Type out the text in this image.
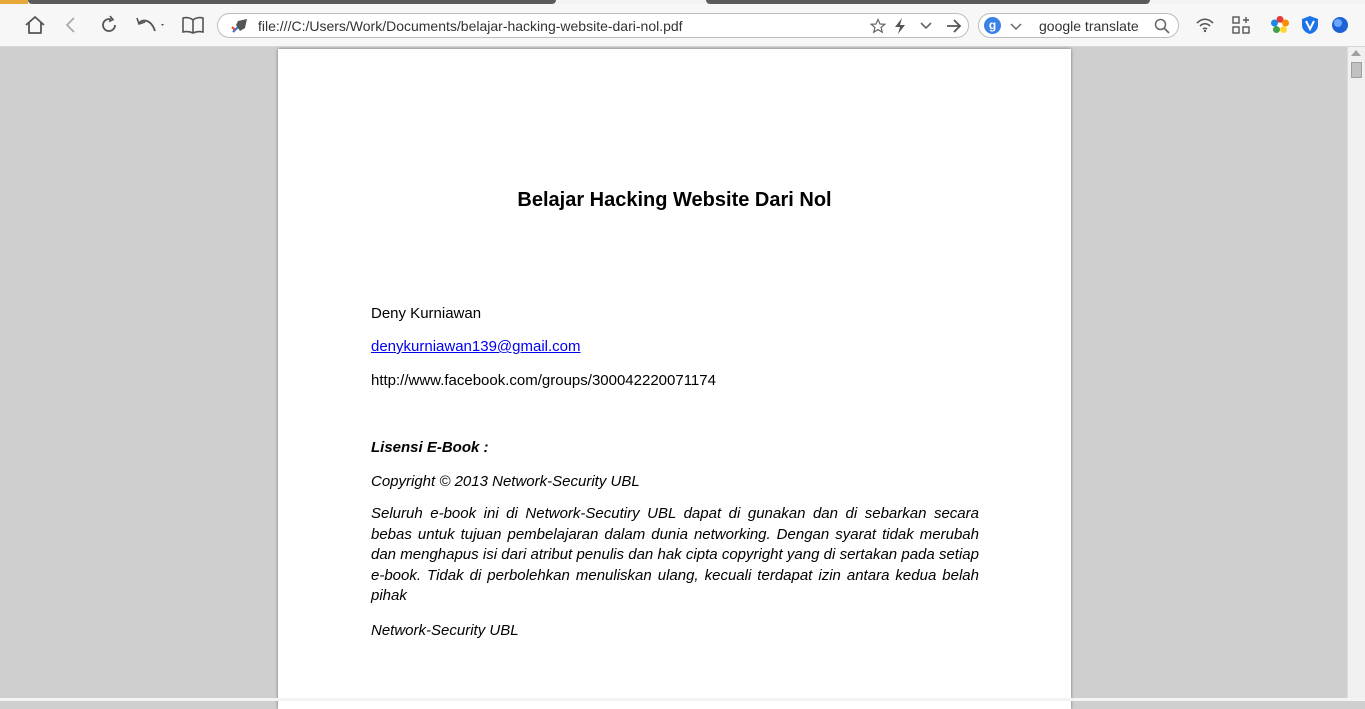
file:///C:/Users/Work/Documents/belajar-hacking-website-dari-nol.pdf	g	google translate
Belajar Hacking Website Dari Nol
Deny Kurniawan
denykurniawan139@gmail.com
http://www.facebook.com/groups/300042220071174
Lisensi E-Book :
Copyright © 2013 Network-Security UBL
Seluruh e-book ini di Network-Secutiry UBL dapat di gunakan dan di sebarkan secara bebas untuk tujuan pembelajaran dalam dunia networking. Dengan syarat tidak merubah dan menghapus isi dari atribut penulis dan hak cipta copyright yang di sertakan pada setiap e-book. Tidak di perbolehkan menuliskan ulang, kecuali terdapat izin antara kedua belah pihak
Network-Security UBL
